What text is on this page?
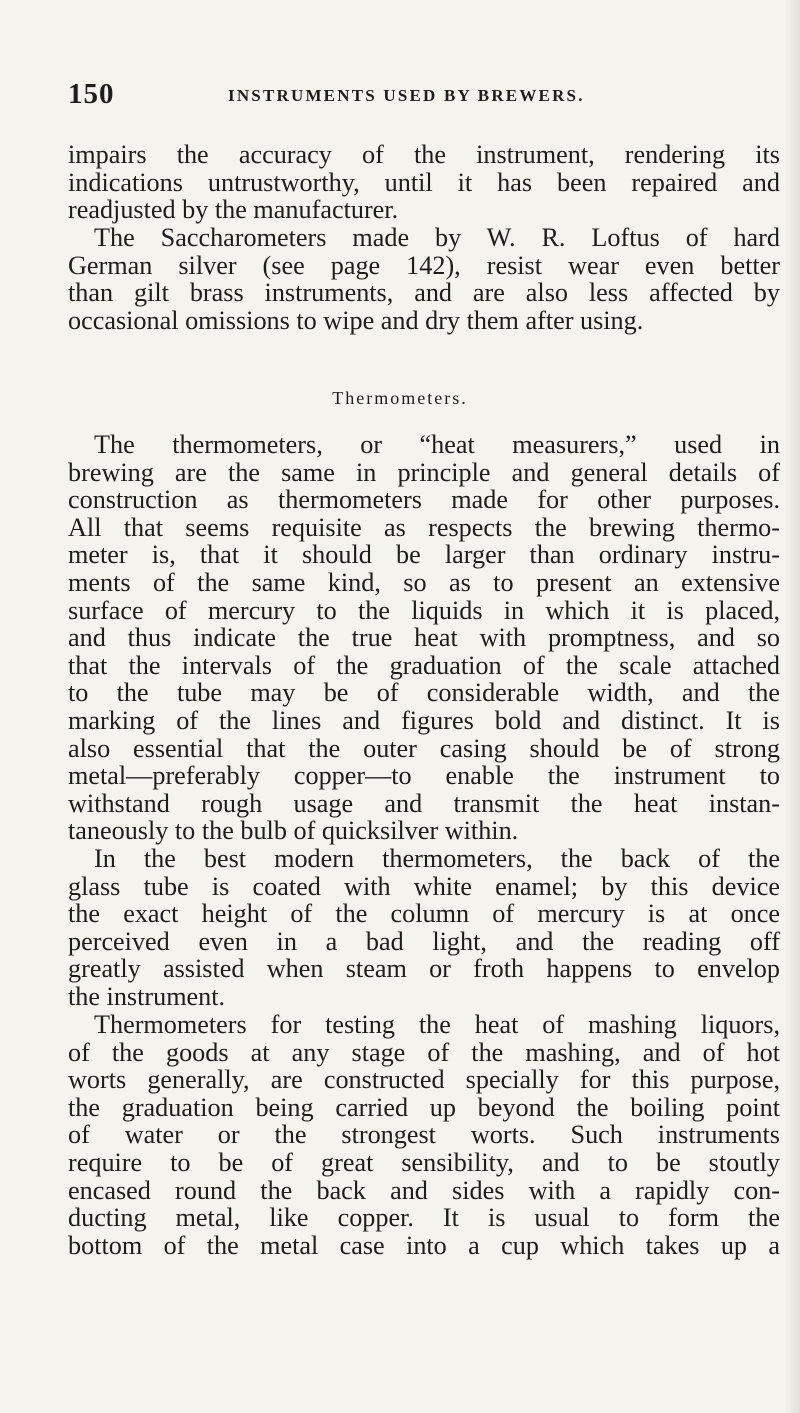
150	INSTRUMENTS USED BY BREWERS.
impairs the accuracy of the instrument, rendering its
indications untrustworthy, until it has been repaired and
readjusted by the manufacturer.
The Saccharometers made by W. R. Loftus of hard
German silver (see page 142), resist wear even better
than gilt brass instruments, and are also less affected by
occasional omissions to wipe and dry them after using.
Thermometers.
The thermometers, or “heat measurers,” used in
brewing are the same in principle and general details of
construction as thermometers made for other purposes.
All that seems requisite as respects the brewing thermo-
meter is, that it should be larger than ordinary instru-
ments of the same kind, so as to present an extensive
surface of mercury to the liquids in which it is placed,
and thus indicate the true heat with promptness, and so
that the intervals of the graduation of the scale attached
to the tube may be of considerable width, and the
marking of the lines and figures bold and distinct. It is
also essential that the outer casing should be of strong
metal—preferably copper—to enable the instrument to
withstand rough usage and transmit the heat instan-
taneously to the bulb of quicksilver within.
In the best modern thermometers, the back of the
glass tube is coated with white enamel; by this device
the exact height of the column of mercury is at once
perceived even in a bad light, and the reading off
greatly assisted when steam or froth happens to envelop
the instrument.
Thermometers for testing the heat of mashing liquors,
of the goods at any stage of the mashing, and of hot
worts generally, are constructed specially for this purpose,
the graduation being carried up beyond the boiling point
of water or the strongest worts. Such instruments
require to be of great sensibility, and to be stoutly
encased round the back and sides with a rapidly con-
ducting metal, like copper. It is usual to form the
bottom of the metal case into a cup which takes up a
